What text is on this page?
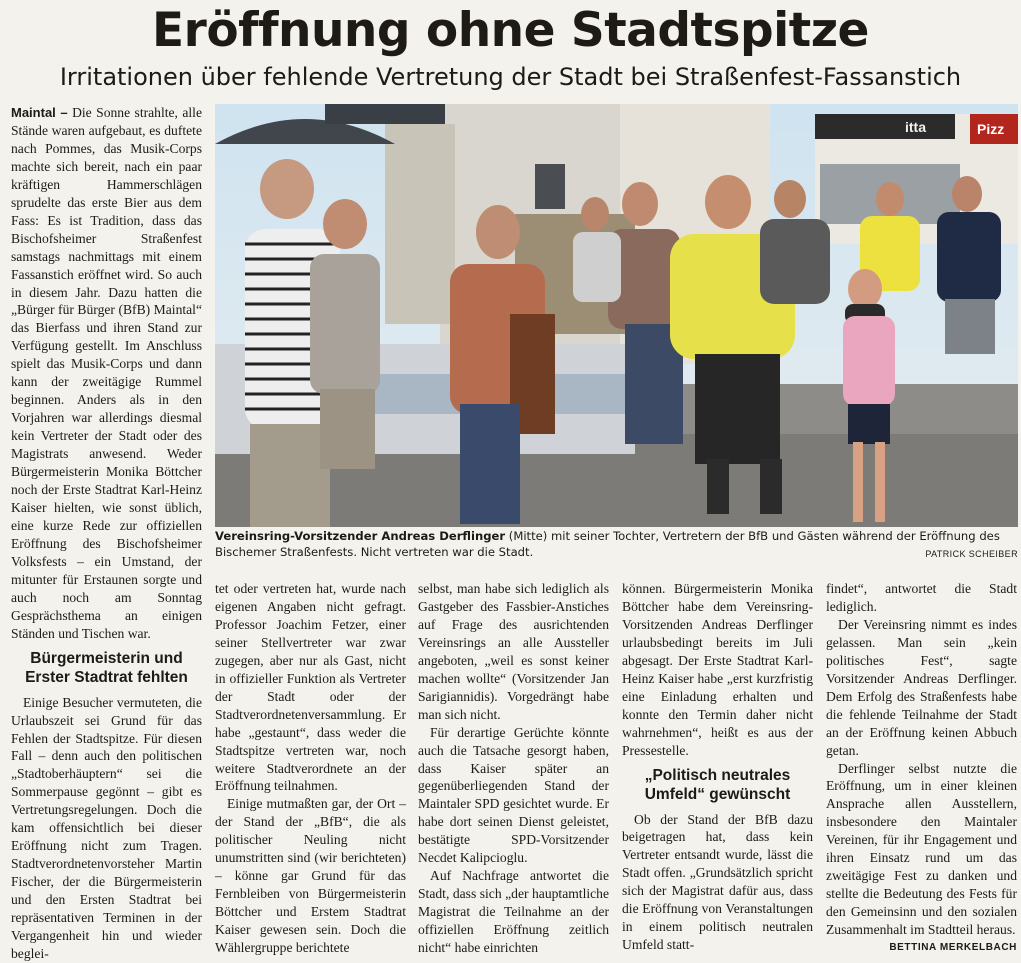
Eröffnung ohne Stadtspitze
Irritationen über fehlende Vertretung der Stadt bei Straßenfest-Fassanstich

Maintal – Die Sonne strahlte, alle Stände waren aufgebaut, es duftete nach Pommes, das Musik-Corps machte sich bereit, nach ein paar kräftigen Hammerschlägen sprudelte das erste Bier aus dem Fass: Es ist Tradition, dass das Bischofsheimer Straßenfest samstags nachmittags mit einem Fassanstich eröffnet wird. So auch in diesem Jahr. Dazu hatten die „Bürger für Bürger (BfB) Maintal“ das Bierfass und ihren Stand zur Verfügung gestellt. Im Anschluss spielt das Musik-Corps und dann kann der zweitägige Rummel beginnen. Anders als in den Vorjahren war allerdings diesmal kein Vertreter der Stadt oder des Magistrats anwesend. Weder Bürgermeisterin Monika Böttcher noch der Erste Stadtrat Karl-Heinz Kaiser hielten, wie sonst üblich, eine kurze Rede zur offiziellen Eröffnung des Bischofsheimer Volksfests – ein Umstand, der mitunter für Erstaunen sorgte und auch noch am Sonntag Gesprächsthema an einigen Ständen und Tischen war.

Bürgermeisterin und Erster Stadtrat fehlten

Einige Besucher vermuteten, die Urlaubszeit sei Grund für das Fehlen der Stadtspitze. Für diesen Fall – denn auch den politischen „Stadtoberhäuptern“ sei die Sommerpause gegönnt – gibt es Vertretungsregelungen. Doch die kam offensichtlich bei dieser Eröffnung nicht zum Tragen. Stadtverordnetenvorsteher Martin Fischer, der die Bürgermeisterin und den Ersten Stadtrat bei repräsentativen Terminen in der Vergangenheit hin und wieder beglei-

itta	Pizz
Vereinsring-Vorsitzender Andreas Derflinger (Mitte) mit seiner Tochter, Vertretern der BfB und Gästen während der Eröffnung des Bischemer Straßenfests. Nicht vertreten war die Stadt.	PATRICK SCHEIBER

tet oder vertreten hat, wurde nach eigenen Angaben nicht gefragt. Professor Joachim Fetzer, einer seiner Stellvertreter war zwar zugegen, aber nur als Gast, nicht in offizieller Funktion als Vertreter der Stadt oder der Stadtverordnetenversammlung. Er habe „gestaunt“, dass weder die Stadtspitze vertreten war, noch weitere Stadtverordnete an der Eröffnung teilnahmen.

Einige mutmaßten gar, der Ort – der Stand der „BfB“, die als politischer Neuling nicht unumstritten sind (wir berichteten) – könne gar Grund für das Fernbleiben von Bürgermeisterin Böttcher und Erstem Stadtrat Kaiser gewesen sein. Doch die Wählergruppe berichtete

selbst, man habe sich lediglich als Gastgeber des Fassbier-Anstiches auf Frage des ausrichtenden Vereinsrings an alle Aussteller angeboten, „weil es sonst keiner machen wollte“ (Vorsitzender Jan Sarigiannidis). Vorgedrängt habe man sich nicht.

Für derartige Gerüchte könnte auch die Tatsache gesorgt haben, dass Kaiser später an gegenüberliegenden Stand der Maintaler SPD gesichtet wurde. Er habe dort seinen Dienst geleistet, bestätigte SPD-Vorsitzender Necdet Kalipcioglu.

Auf Nachfrage antwortet die Stadt, dass sich „der hauptamtliche Magistrat die Teilnahme an der offiziellen Eröffnung zeitlich nicht“ habe einrichten

können. Bürgermeisterin Monika Böttcher habe dem Vereinsring-Vorsitzenden Andreas Derflinger urlaubsbedingt bereits im Juli abgesagt. Der Erste Stadtrat Karl-Heinz Kaiser habe „erst kurzfristig eine Einladung erhalten und konnte den Termin daher nicht wahrnehmen“, heißt es aus der Pressestelle.

„Politisch neutrales Umfeld“ gewünscht

Ob der Stand der BfB dazu beigetragen hat, dass kein Vertreter entsandt wurde, lässt die Stadt offen. „Grundsätzlich spricht sich der Magistrat dafür aus, dass die Eröffnung von Veranstaltungen in einem politisch neutralen Umfeld statt-

findet“, antwortet die Stadt lediglich.

Der Vereinsring nimmt es indes gelassen. Man sein „kein politisches Fest“, sagte Vorsitzender Andreas Derflinger. Dem Erfolg des Straßenfests habe die fehlende Teilnahme der Stadt an der Eröffnung keinen Abbuch getan.

Derflinger selbst nutzte die Eröffnung, um in einer kleinen Ansprache allen Ausstellern, insbesondere den Maintaler Vereinen, für ihr Engagement und ihren Einsatz rund um das zweitägige Fest zu danken und stellte die Bedeutung des Fests für den Gemeinsinn und den sozialen Zusammenhalt im Stadtteil heraus.

BETTINA MERKELBACH
